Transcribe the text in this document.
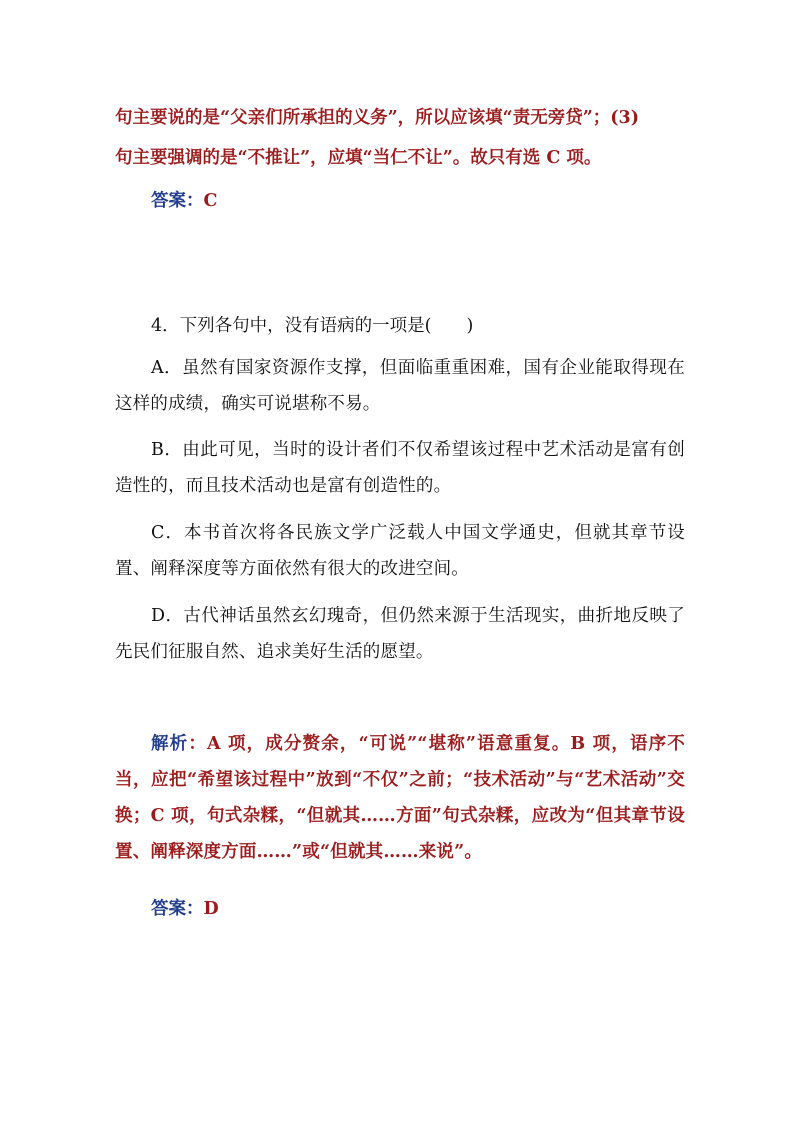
句主要说的是“父亲们所承担的义务”，所以应该填“责无旁贷”；(3)
句主要强调的是“不推让”，应填“当仁不让”。故只有选 C 项。
答案：C
4．下列各句中，没有语病的一项是(　　)

A．虽然有国家资源作支撑，但面临重重困难，国有企业能取得现在这样的成绩，确实可说堪称不易。

B．由此可见，当时的设计者们不仅希望该过程中艺术活动是富有创造性的，而且技术活动也是富有创造性的。

C．本书首次将各民族文学广泛载人中国文学通史，但就其章节设置、阐释深度等方面依然有很大的改进空间。

D．古代神话虽然玄幻瑰奇，但仍然来源于生活现实，曲折地反映了先民们征服自然、追求美好生活的愿望。

解析：A 项，成分赘余，“可说”“堪称”语意重复。B 项，语序不当，应把“希望该过程中”放到“不仅”之前；“技术活动”与“艺术活动”交换；C 项，句式杂糅，“但就其……方面”句式杂糅，应改为“但其章节设置、阐释深度方面……”或“但就其……来说”。

答案：D
